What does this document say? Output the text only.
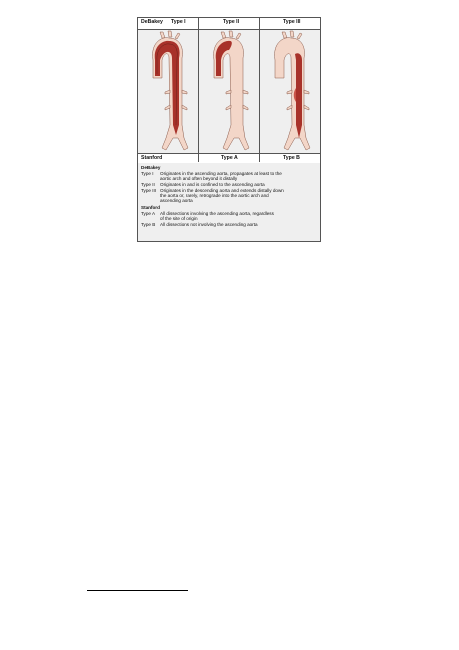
DeBakey Type I	Type II	Type III
Stanford	Type A	Type B
DeBakey
Type I Originates in the ascending aorta, propagates at least to the
aortic arch and often beyond it distally
Type II Originates in and is confined to the ascending aorta
Type III Originates in the descending aorta and extends distally down
the aorta or, rarely, retrograde into the aortic arch and
ascending aorta
Stanford
Type A All dissections involving the ascending aorta, regardless
of the site of origin
Type B All dissections not involving the ascending aorta
